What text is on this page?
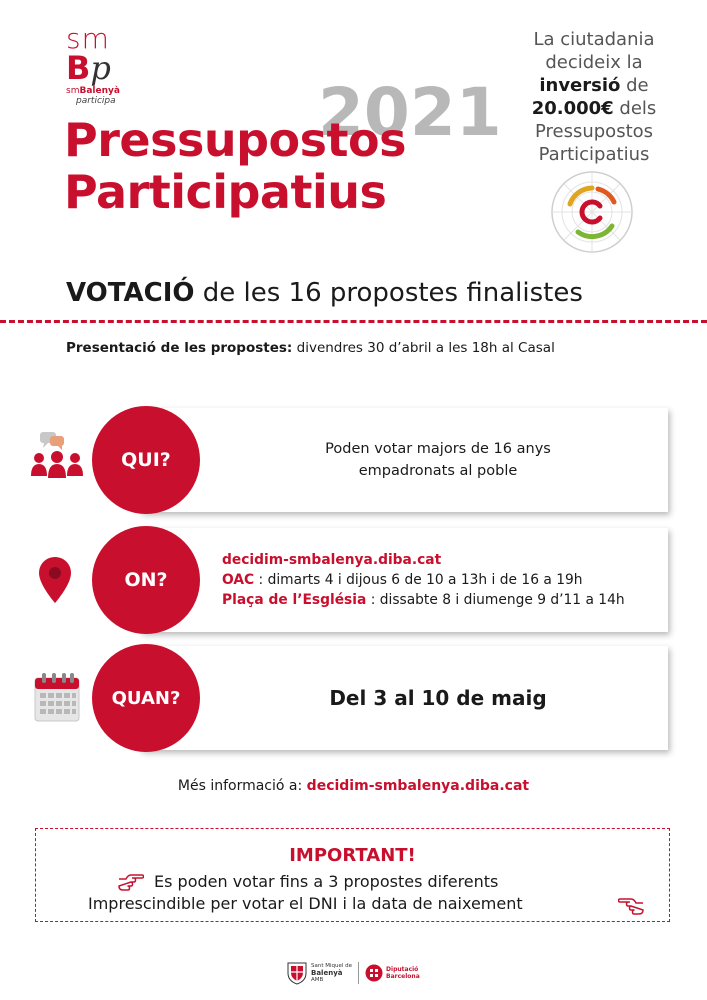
sm
Bp
smBalenyà
participa	2021
Pressupostos
Participatius
La ciutadania
decideix la
inversió de
20.000€ dels
Pressupostos
Participatius
VOTACIÓ de les 16 propostes finalistes
Presentació de les propostes: divendres 30 d’abril a les 18h al Casal
Poden votar majors de 16 anys
empadronats al poble
QUI?
decidim-smbalenya.diba.cat
OAC : dimarts 4 i dijous 6 de 10 a 13h i de 16 a 19h
Plaça de l’Església : dissabte 8 i diumenge 9 d’11 a 14h
ON?
Del 3 al 10 de maig
QUAN?
Més informació a: decidim-smbalenya.diba.cat
IMPORTANT!
Es poden votar fins a 3 propostes diferents
Imprescindible per votar el DNI i la data de naixement
Sant Miquel de
Balenyà
AMB
Diputació
Barcelona
